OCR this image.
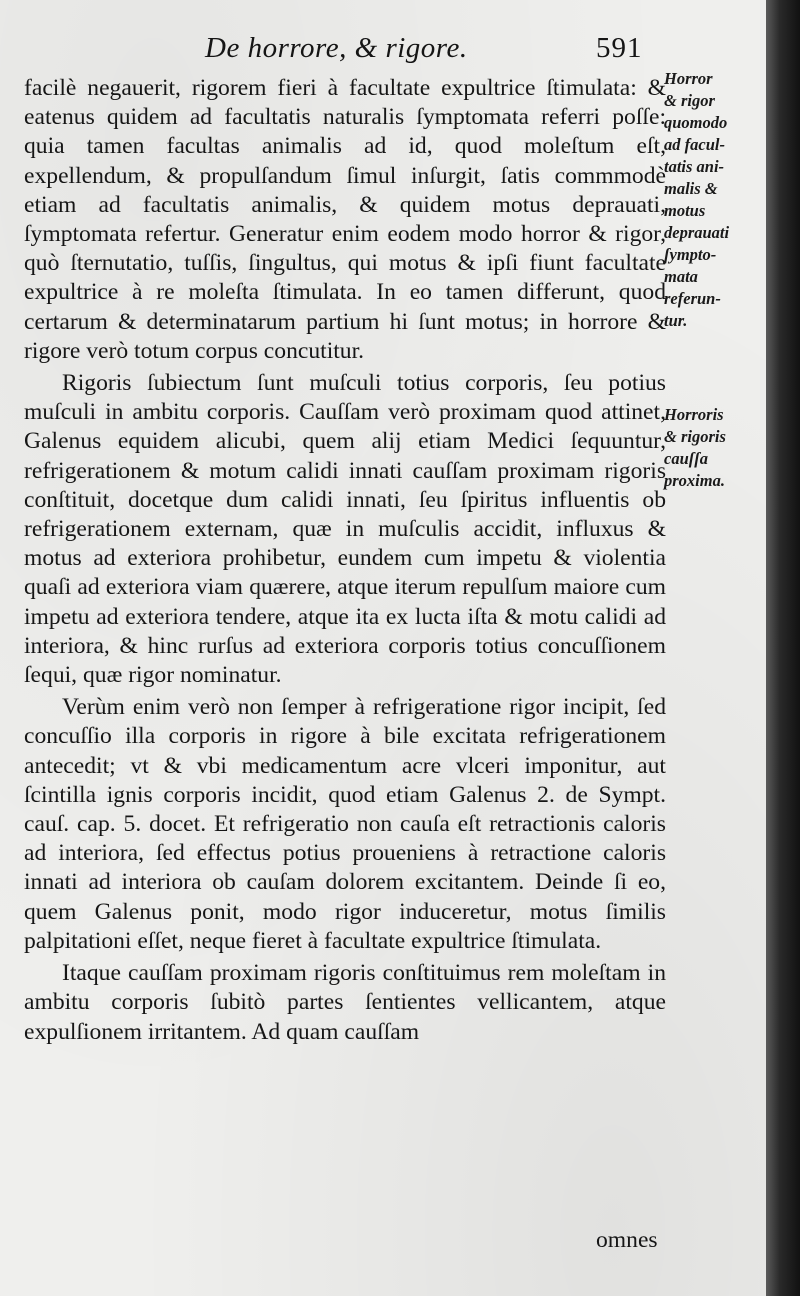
De horrore, & rigore.	591

facilè negauerit, rigorem fieri à facultate expultrice ſtimulata: & eatenus quidem ad facultatis naturalis ſymptomata referri poſſe: quia tamen facultas animalis ad id, quod moleſtum eſt, expellendum, & propulſandum ſimul inſurgit, ſatis commmodè etiam ad facultatis animalis, & quidem motus deprauati, ſymptomata refertur. Generatur enim eodem modo horror & rigor, quò ſternutatio, tuſſis, ſingultus, qui motus & ipſi fiunt facultate expultrice à re moleſta ſtimulata. In eo tamen differunt, quod certarum & determinatarum partium hi ſunt motus; in horrore & rigore verò totum corpus concutitur.

Rigoris ſubiectum ſunt muſculi totius corporis, ſeu potius muſculi in ambitu corporis. Cauſſam verò proximam quod attinet, Galenus equidem alicubi, quem alij etiam Medici ſequuntur, refrigerationem & motum calidi innati cauſſam proximam rigoris conſtituit, docetque dum calidi innati, ſeu ſpiritus influentis ob refrigerationem externam, quæ in muſculis accidit, influxus & motus ad exteriora prohibetur, eundem cum impetu & violentia quaſi ad exteriora viam quærere, atque iterum repulſum maiore cum impetu ad exteriora tendere, atque ita ex lucta iſta & motu calidi ad interiora, & hinc rurſus ad exteriora corporis totius concuſſionem ſequi, quæ rigor nominatur.

Verùm enim verò non ſemper à refrigeratione rigor incipit, ſed concuſſio illa corporis in rigore à bile excitata refrigerationem antecedit; vt & vbi medicamentum acre vlceri imponitur, aut ſcintilla ignis corporis incidit, quod etiam Galenus 2. de Sympt. cauſ. cap. 5. docet. Et refrigeratio non cauſa eſt retractionis caloris ad interiora, ſed effectus potius proueniens à retractione caloris innati ad interiora ob cauſam dolorem excitantem. Deinde ſi eo, quem Galenus ponit, modo rigor induceretur, motus ſimilis palpitationi eſſet, neque fieret à facultate expultrice ſtimulata.

Itaque cauſſam proximam rigoris conſtituimus rem moleſtam in ambitu corporis ſubitò partes ſentientes vellicantem, atque expulſionem irritantem. Ad quam cauſſam

omnes
Horror
& rigor
quomodo
ad facul-
tatis ani-
malis &
motus
deprauati
ſympto-
mata
referun-
tur.
Horroris
& rigoris
cauſſa
proxima.
